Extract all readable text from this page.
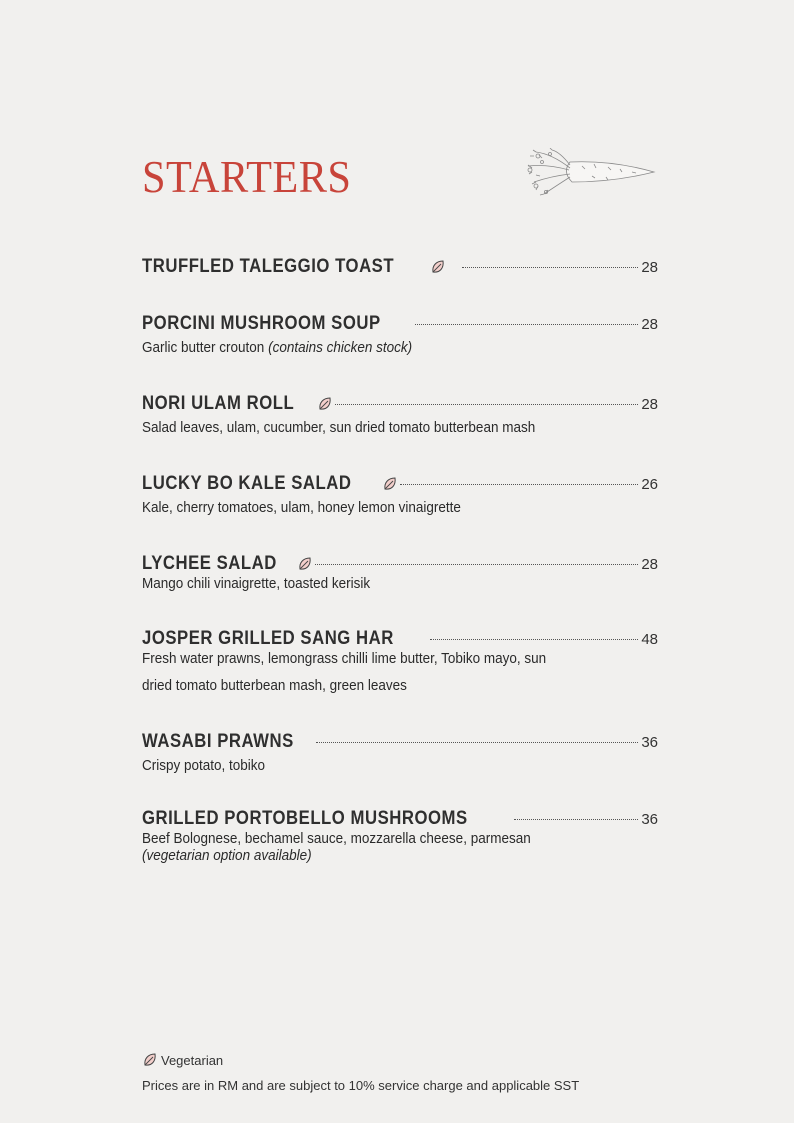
STARTERS
TRUFFLED TALEGGIO TOAST	28
PORCINI MUSHROOM SOUP	28
Garlic butter crouton (contains chicken stock)
NORI ULAM ROLL	28
Salad leaves, ulam, cucumber, sun dried tomato butterbean mash
LUCKY BO KALE SALAD	26
Kale, cherry tomatoes, ulam, honey lemon vinaigrette
LYCHEE SALAD	28
Mango chili vinaigrette, toasted kerisik
JOSPER GRILLED SANG HAR	48
Fresh water prawns, lemongrass chilli lime butter, Tobiko mayo, sun
dried tomato butterbean mash, green leaves
WASABI PRAWNS	36
Crispy potato, tobiko
GRILLED PORTOBELLO MUSHROOMS	36
Beef Bolognese, bechamel sauce, mozzarella cheese, parmesan
(vegetarian option available)
Vegetarian
Prices are in RM and are subject to 10% service charge and applicable SST
